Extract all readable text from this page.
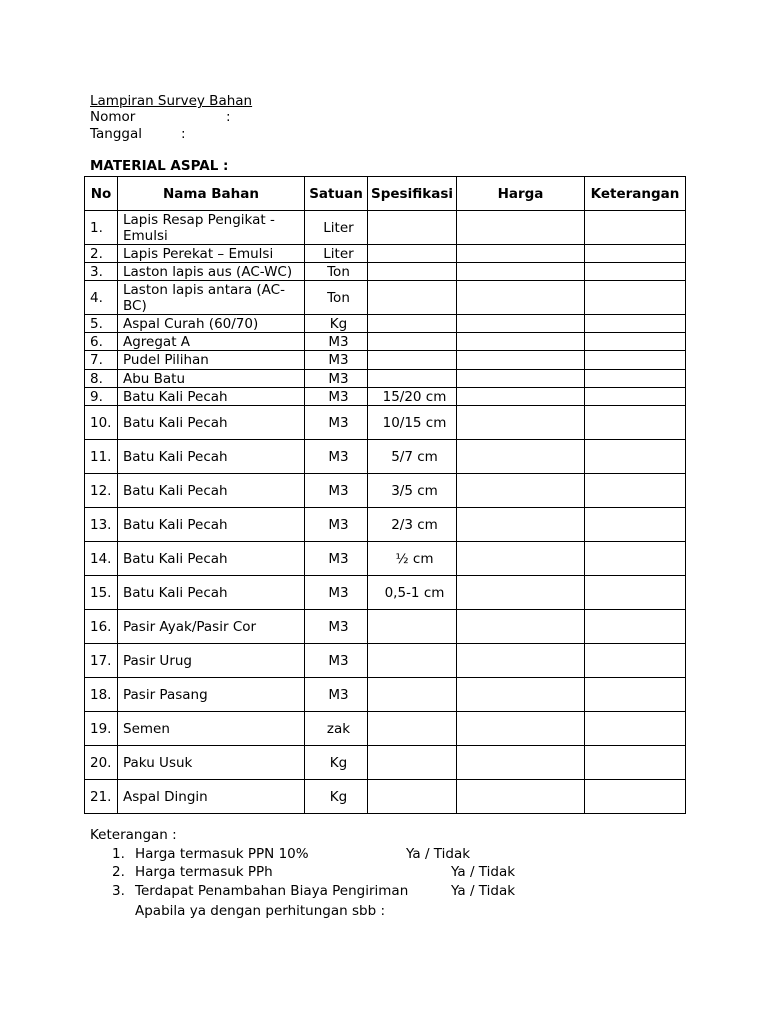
Lampiran Survey Bahan
Nomor	:
Tanggal	:
MATERIAL ASPAL :
No	Nama Bahan	Satuan	Spesifikasi	Harga	Keterangan
1.	Lapis Resap Pengikat - Emulsi	Liter			
2.	Lapis Perekat – Emulsi	Liter			
3.	Laston lapis aus (AC-WC)	Ton			
4.	Laston lapis antara (AC-BC)	Ton			
5.	Aspal Curah (60/70)	Kg			
6.	Agregat A	M3			
7.	Pudel Pilihan	M3			
8.	Abu Batu	M3			
9.	Batu Kali Pecah	M3	15/20 cm		
10.	Batu Kali Pecah	M3	10/15 cm		
11.	Batu Kali Pecah	M3	5/7 cm		
12.	Batu Kali Pecah	M3	3/5 cm		
13.	Batu Kali Pecah	M3	2/3 cm		
14.	Batu Kali Pecah	M3	½ cm		
15.	Batu Kali Pecah	M3	0,5-1 cm		
16.	Pasir Ayak/Pasir Cor	M3			
17.	Pasir Urug	M3			
18.	Pasir Pasang	M3			
19.	Semen	zak			
20.	Paku Usuk	Kg			
21.	Aspal Dingin	Kg			
Keterangan :
1. Harga termasuk PPN 10%	Ya / Tidak
2. Harga termasuk PPh	Ya / Tidak
3. Terdapat Penambahan Biaya Pengiriman	Ya / Tidak
Apabila ya dengan perhitungan sbb :
